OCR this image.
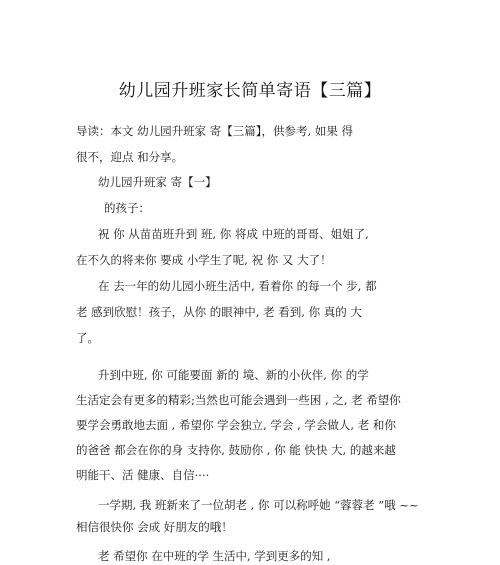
幼儿园升班家长简单寄语【三篇】
导读：本文 幼儿园升班家 寄【三篇】，供参考, 如果 得
很不，迎点 和分享。
幼儿园升班家 寄【一】
的孩子：
祝 你 从苗苗班升到 班, 你 将成 中班的哥哥、姐姐了,
在不久的将来你 要成 小学生了呢, 祝 你 又 大了！
在 去一年的幼儿园小班生活中, 看着你 的每一个 步, 都
老 感到欣慰！孩子，从你 的眼神中, 老 看到, 你 真的 大
了。
升到中班, 你 可能要面 新的 境、新的小伙伴, 你 的学
生活定会有更多的精彩;当然也可能会遇到一些困 , 之, 老 希望你
要学会勇敢地去面 , 希望你 学会独立, 学会 , 学会做人, 老 和你
的爸爸 都会在你的身 支持你, 鼓励你 , 你 能 快快 大, 的越来越
明能干、活 健康、自信····
一学期, 我 班新来了一位胡老 , 你 可以称呼她 “蓉蓉老 ”哦 ~~
相信很快你 会成 好朋友的哦！
老 希望你 在中班的学 生活中, 学到更多的知 ,
